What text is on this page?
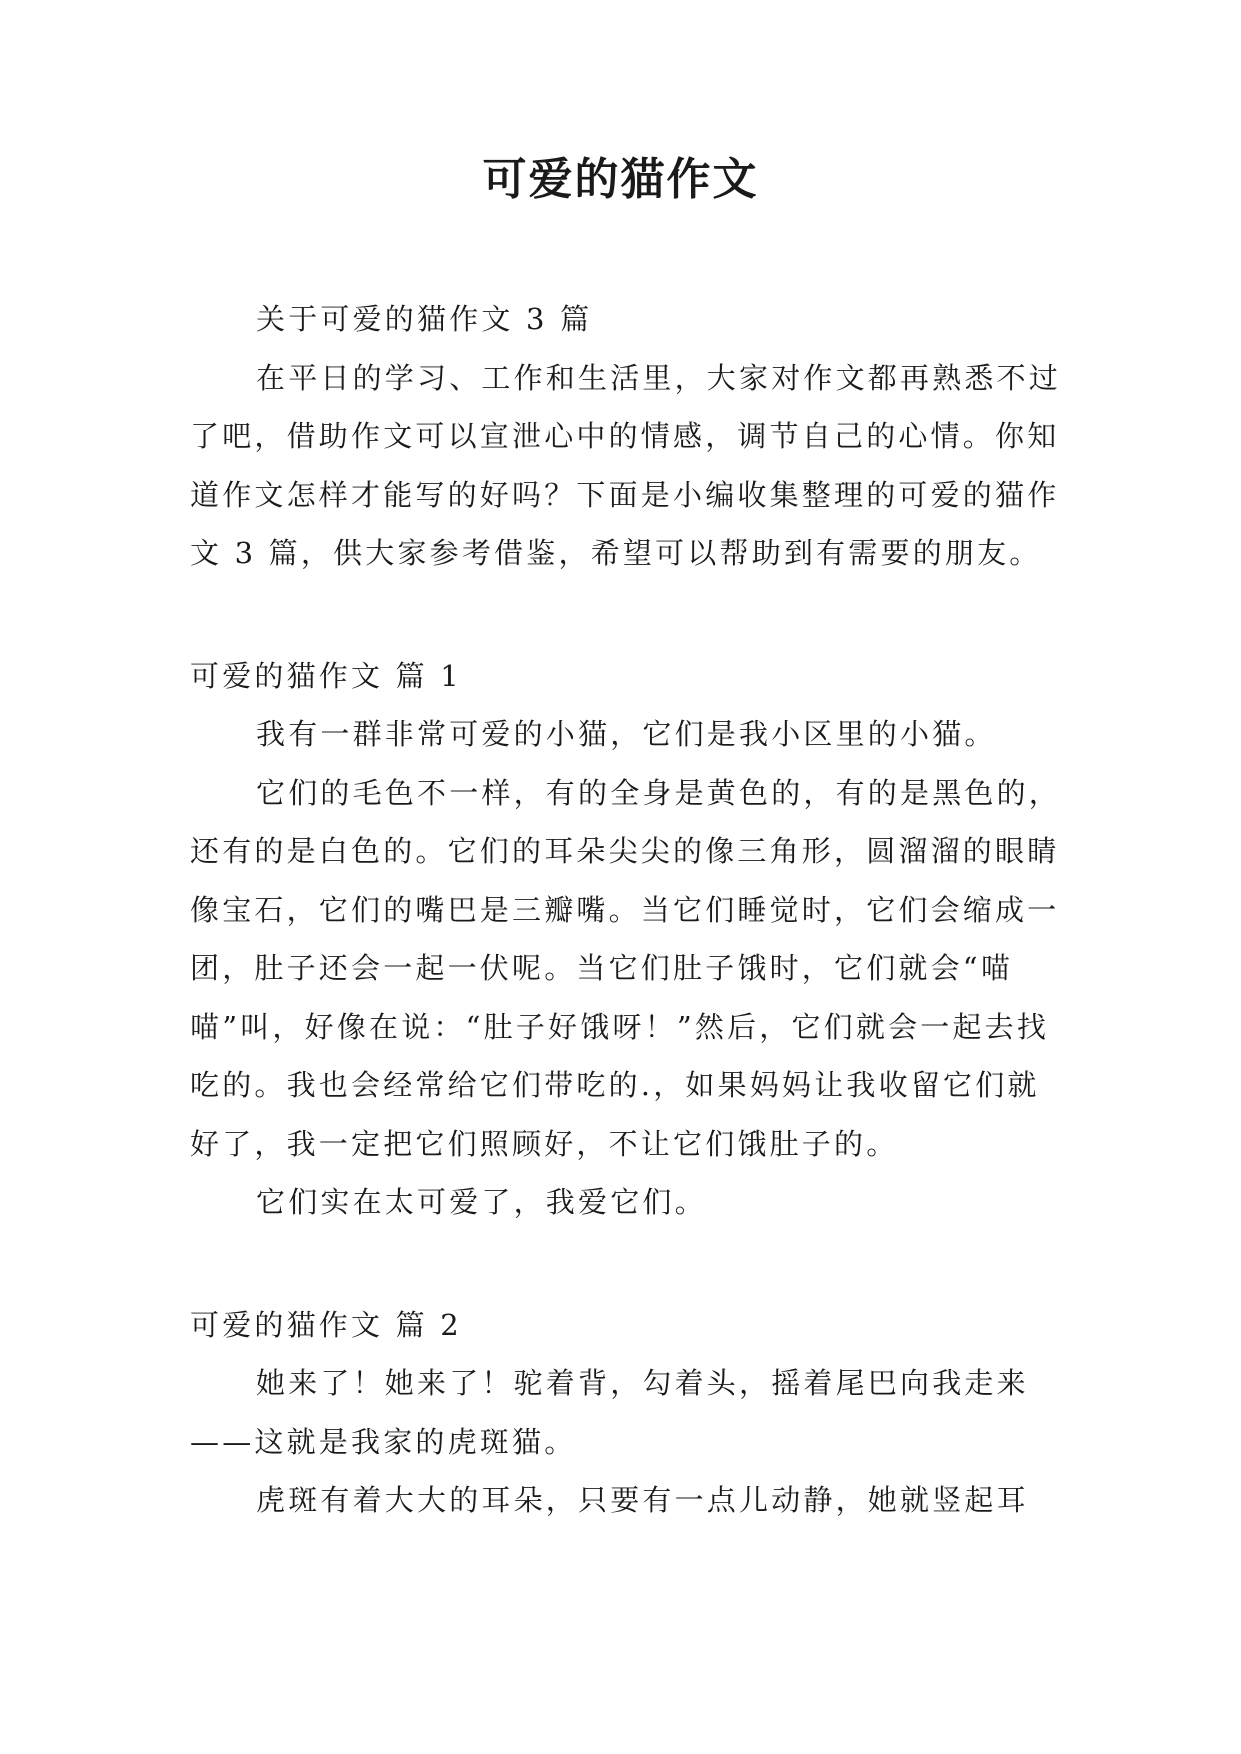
可爱的猫作文

关于可爱的猫作文 3 篇

在平日的学习、工作和生活里，大家对作文都再熟悉不过了吧，借助作文可以宣泄心中的情感，调节自己的心情。你知道作文怎样才能写的好吗？下面是小编收集整理的可爱的猫作文 3 篇，供大家参考借鉴，希望可以帮助到有需要的朋友。

可爱的猫作文 篇 1

我有一群非常可爱的小猫，它们是我小区里的小猫。

它们的毛色不一样，有的全身是黄色的，有的是黑色的，还有的是白色的。它们的耳朵尖尖的像三角形，圆溜溜的眼睛像宝石，它们的嘴巴是三瓣嘴。当它们睡觉时，它们会缩成一团，肚子还会一起一伏呢。当它们肚子饿时，它们就会“喵喵”叫，好像在说：“肚子好饿呀！”然后，它们就会一起去找吃的。我也会经常给它们带吃的.，如果妈妈让我收留它们就好了，我一定把它们照顾好，不让它们饿肚子的。

它们实在太可爱了，我爱它们。

可爱的猫作文 篇 2

她来了！她来了！驼着背，勾着头，摇着尾巴向我走来——这就是我家的虎斑猫。

虎斑有着大大的耳朵，只要有一点儿动静，她就竖起耳
